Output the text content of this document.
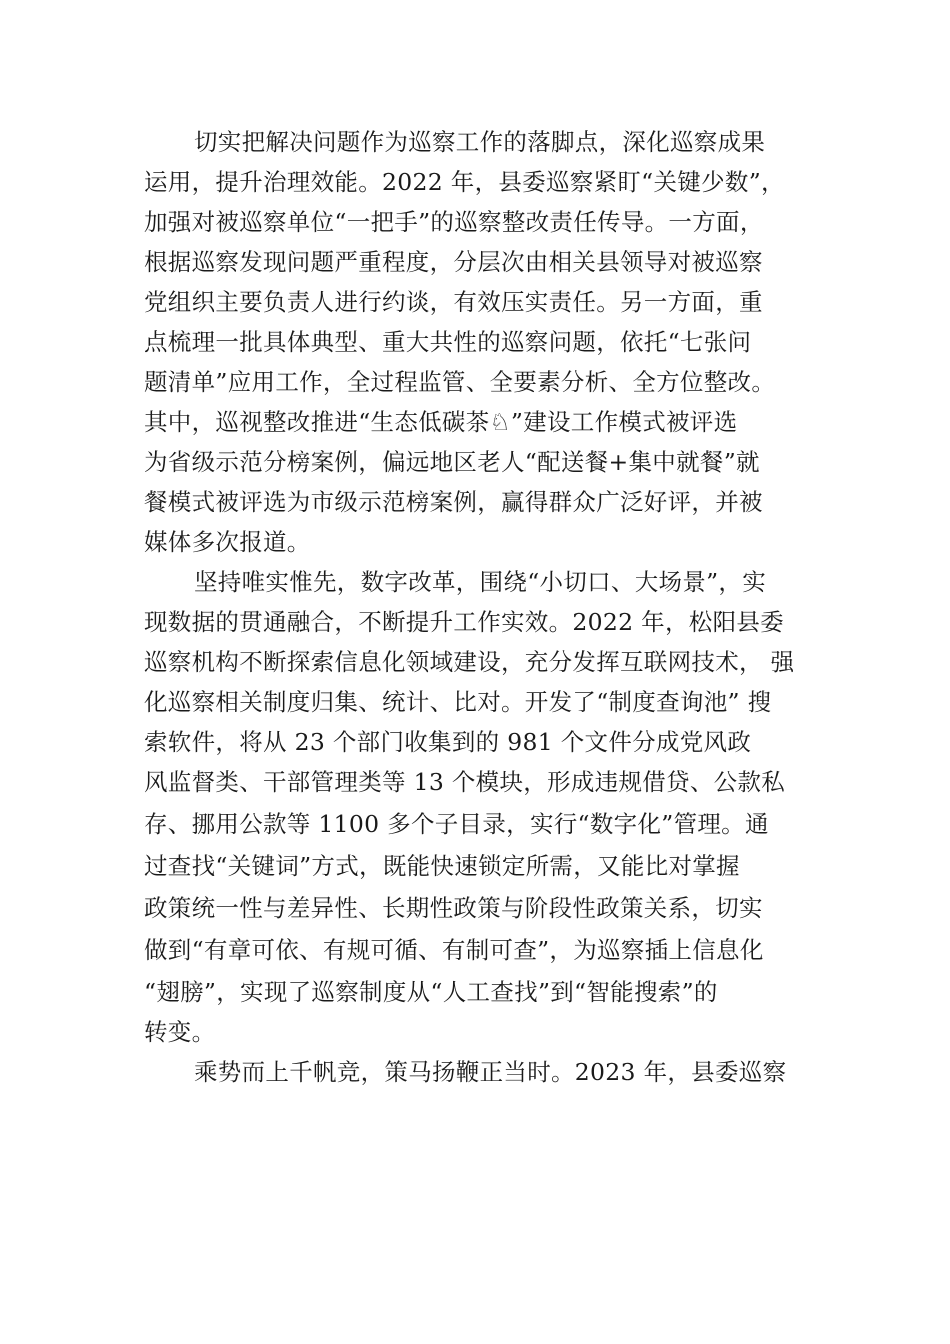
切实把解决问题作为巡察工作的落脚点，深化巡察成果
运用，提升治理效能。2022 年，县委巡察紧盯“关键少数”，
加强对被巡察单位“一把手”的巡察整改责任传导。一方面，
根据巡察发现问题严重程度，分层次由相关县领导对被巡察
党组织主要负责人进行约谈，有效压实责任。另一方面，重
点梳理一批具体典型、重大共性的巡察问题，依托“七张问
题清单”应用工作，全过程监管、全要素分析、全方位整改。
其中，巡视整改推进“生态低碳茶♘”建设工作模式被评选
为省级示范分榜案例，偏远地区老人“配送餐+集中就餐”就
餐模式被评选为市级示范榜案例，赢得群众广泛好评，并被
媒体多次报道。
坚持唯实惟先，数字改革，围绕“小切口、大场景”，实
现数据的贯通融合，不断提升工作实效。2022 年，松阳县委
巡察机构不断探索信息化领域建设，充分发挥互联网技术， 强
化巡察相关制度归集、统计、比对。开发了“制度查询池” 搜
索软件，将从 23 个部门收集到的 981 个文件分成党风政
风监督类、干部管理类等 13 个模块，形成违规借贷、公款私
存、挪用公款等 1100 多个子目录，实行“数字化”管理。通
过查找“关键词”方式，既能快速锁定所需，又能比对掌握
政策统一性与差异性、长期性政策与阶段性政策关系，切实
做到“有章可依、有规可循、有制可查”，为巡察插上信息化
“翅膀”，实现了巡察制度从“人工查找”到“智能搜索”的
转变。
乘势而上千帆竞，策马扬鞭正当时。2023 年，县委巡察
